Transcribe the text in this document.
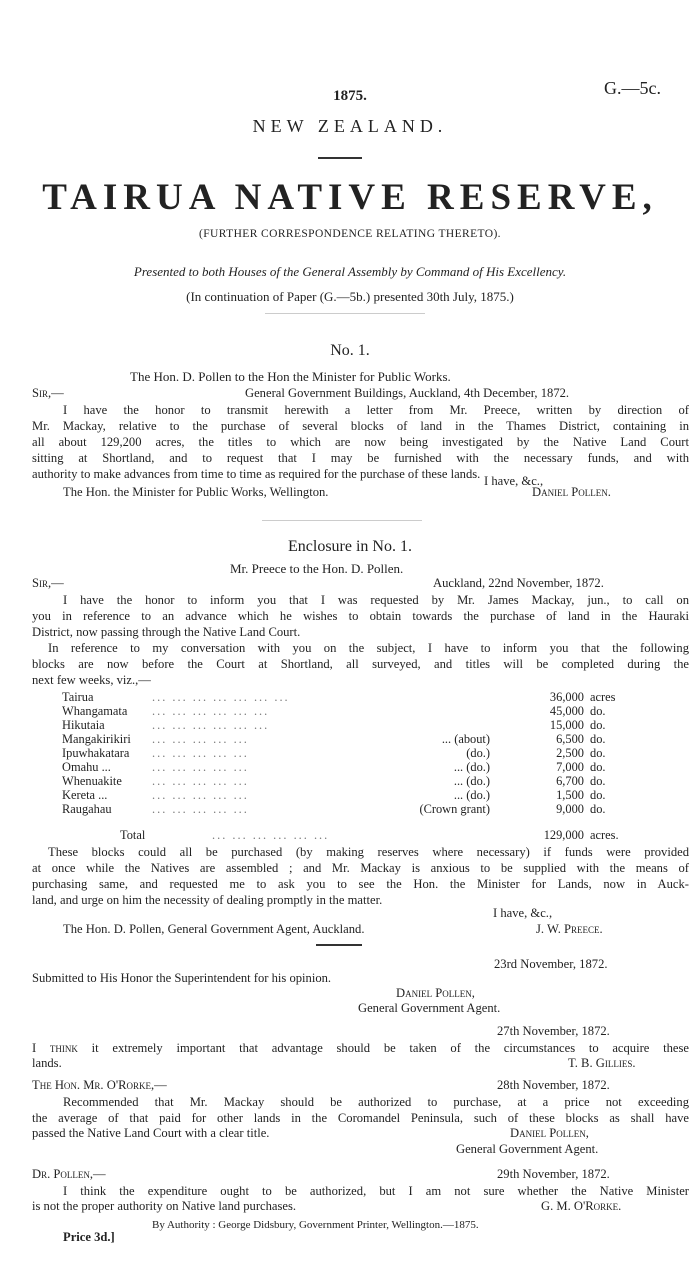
G.—5c.
1875.
NEW ZEALAND.
TAIRUA NATIVE RESERVE,
(FURTHER CORRESPONDENCE RELATING THERETO).
Presented to both Houses of the General Assembly by Command of His Excellency.
(In continuation of Paper (G.—5b.) presented 30th July, 1875.)
No. 1.
The Hon. D. Pollen to the Hon the Minister for Public Works.
Sir,—	General Government Buildings, Auckland, 4th December, 1872.
I have the honor to transmit herewith a letter from Mr. Preece, written by direction of
Mr. Mackay, relative to the purchase of several blocks of land in the Thames District, containing in
all about 129,200 acres, the titles to which are now being investigated by the Native Land Court
sitting at Shortland, and to request that I may be furnished with the necessary funds, and with
authority to make advances from time to time as required for the purchase of these lands. I have, &c.,
The Hon. the Minister for Public Works, Wellington.	Daniel Pollen.
Enclosure in No. 1.
Mr. Preece to the Hon. D. Pollen.
Sir,—	Auckland, 22nd November, 1872.
I have the honor to inform you that I was requested by Mr. James Mackay, jun., to call on
you in reference to an advance which he wishes to obtain towards the purchase of land in the Hauraki
District, now passing through the Native Land Court.
In reference to my conversation with you on the subject, I have to inform you that the following
blocks are now before the Court at Shortland, all surveyed, and titles will be completed during the
next few weeks, viz.,—
Tairua	... ... ... ... ... ... ...	36,000 acres
Whangamata ... ... ... ... ... ...	45,000 do.
Hikutaia	... ... ... ... ... ...	15,000 do.
Mangakirikiri ... ... ... ... ...	... (about)	6,500 do.
Ipuwhakatara ... ... ... ... ...	(do.)	2,500 do.
Omahu ...	... ... ... ... ...	... (do.)	7,000 do.
Whenuakite ... ... ... ... ...	... (do.)	6,700 do.
Kereta ...	... ... ... ... ...	... (do.)	1,500 do.
Raugahau	... ... ... ... ...	(Crown grant)	9,000 do.
Total	... ... ... ... ... ...	129,000 acres.
These blocks could all be purchased (by making reserves where necessary) if funds were provided
at once while the Natives are assembled ; and Mr. Mackay is anxious to be supplied with the means of
purchasing same, and requested me to ask you to see the Hon. the Minister for Lands, now in Auck-
land, and urge on him the necessity of dealing promptly in the matter.
I have, &c.,
The Hon. D. Pollen, General Government Agent, Auckland.	J. W. Preece.
23rd November, 1872.
Submitted to His Honor the Superintendent for his opinion.
Daniel Pollen,
General Government Agent.
27th November, 1872.
I think it extremely important that advantage should be taken of the circumstances to acquire these
lands.	T. B. Gillies.
The Hon. Mr. O'Rorke,—	28th November, 1872.
Recommended that Mr. Mackay should be authorized to purchase, at a price not exceeding
the average of that paid for other lands in the Coromandel Peninsula, such of these blocks as shall have
passed the Native Land Court with a clear title.	Daniel Pollen,
General Government Agent.
Dr. Pollen,—	29th November, 1872.
I think the expenditure ought to be authorized, but I am not sure whether the Native Minister
is not the proper authority on Native land purchases.	G. M. O'Rorke.
By Authority : George Didsbury, Government Printer, Wellington.—1875.
Price 3d.]
